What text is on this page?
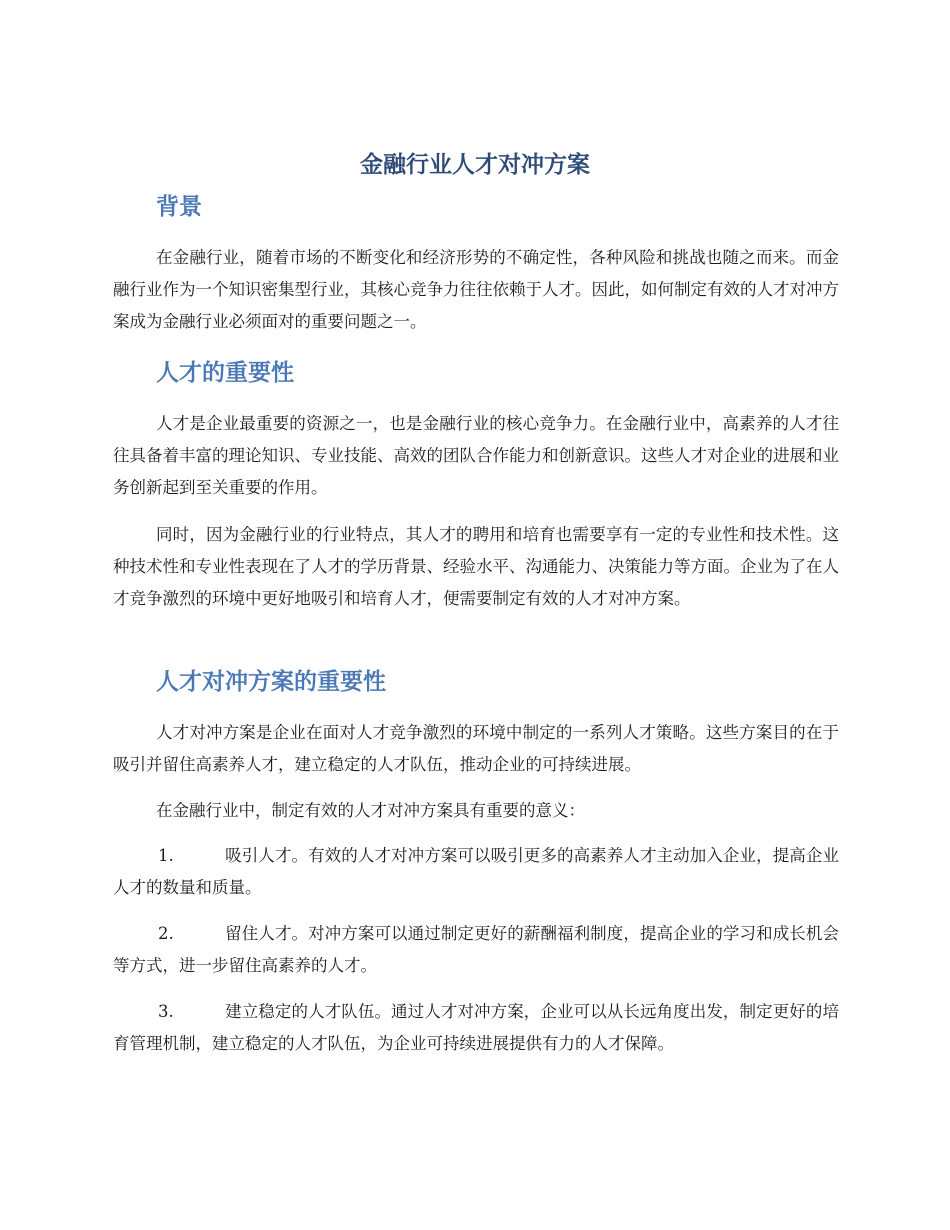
金融行业人才对冲方案
背景

在金融行业，随着市场的不断变化和经济形势的不确定性，各种风险和挑战也随之而来。而金融行业作为一个知识密集型行业，其核心竞争力往往依赖于人才。因此，如何制定有效的人才对冲方案成为金融行业必须面对的重要问题之一。

人才的重要性

人才是企业最重要的资源之一，也是金融行业的核心竞争力。在金融行业中，高素养的人才往往具备着丰富的理论知识、专业技能、高效的团队合作能力和创新意识。这些人才对企业的进展和业务创新起到至关重要的作用。

同时，因为金融行业的行业特点，其人才的聘用和培育也需要享有一定的专业性和技术性。这种技术性和专业性表现在了人才的学历背景、经验水平、沟通能力、决策能力等方面。企业为了在人才竞争激烈的环境中更好地吸引和培育人才，便需要制定有效的人才对冲方案。

人才对冲方案的重要性

人才对冲方案是企业在面对人才竞争激烈的环境中制定的一系列人才策略。这些方案目的在于吸引并留住高素养人才，建立稳定的人才队伍，推动企业的可持续进展。

在金融行业中，制定有效的人才对冲方案具有重要的意义：

1.	吸引人才。有效的人才对冲方案可以吸引更多的高素养人才主动加入企业，提高企业人才的数量和质量。

2.	留住人才。对冲方案可以通过制定更好的薪酬福利制度，提高企业的学习和成长机会等方式，进一步留住高素养的人才。

3.	建立稳定的人才队伍。通过人才对冲方案，企业可以从长远角度出发，制定更好的培育管理机制，建立稳定的人才队伍，为企业可持续进展提供有力的人才保障。
